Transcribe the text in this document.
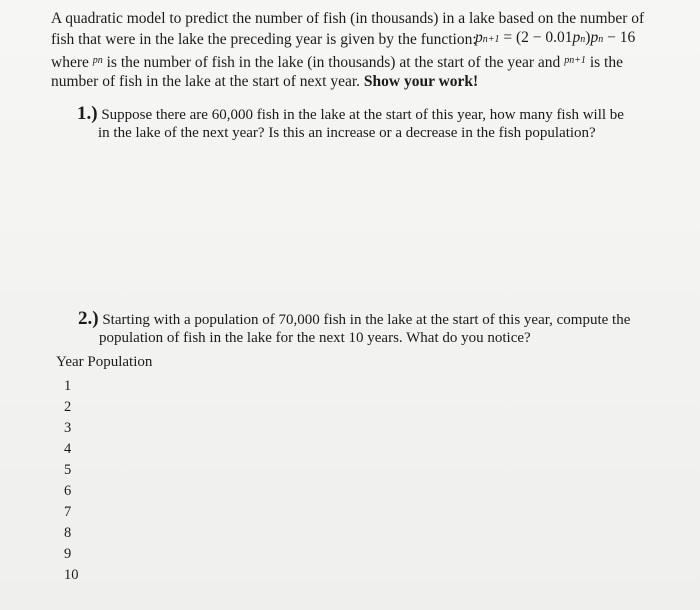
A quadratic model to predict the number of fish (in thousands) in a lake based on the number of
fish that were in the lake the preceding year is given by the function:
pn+1 = (2 − 0.01pn)pn − 16
where $^{pn}$ is the number of fish in the lake (in thousands) at the start of the year and $^{pn+1}$ is the
number of fish in the lake at the start of next year. Show your work!
1.) Suppose there are 60,000 fish in the lake at the start of this year, how many fish will be
in the lake of the next year? Is this an increase or a decrease in the fish population?
2.) Starting with a population of 70,000 fish in the lake at the start of this year, compute the
population of fish in the lake for the next 10 years. What do you notice?
Year Population
1
2
3
4
5
6
7
8
9
10
